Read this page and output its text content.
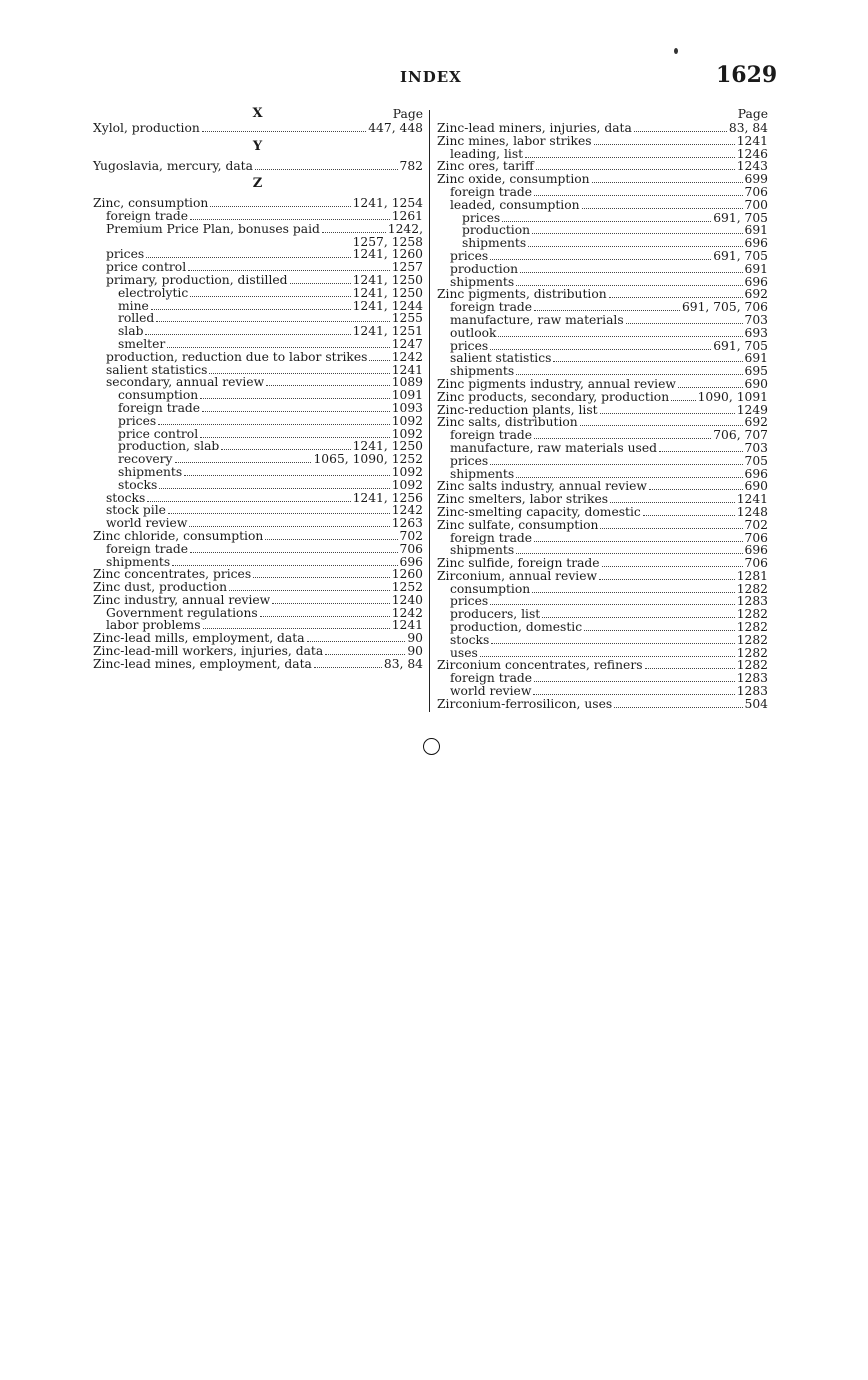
INDEX	1629
Page
X
Xylol, production	447, 448
Y
Yugoslavia, mercury, data	782
Z
Zinc, consumption	1241, 1254
foreign trade	1261
Premium Price Plan, bonuses paid	1242,
1257, 1258
prices	1241, 1260
price control	1257
primary, production, distilled	1241, 1250
electrolytic	1241, 1250
mine	1241, 1244
rolled	1255
slab	1241, 1251
smelter	1247
production, reduction due to labor strikes 1242
salient statistics	1241
secondary, annual review	1089
consumption	1091
foreign trade	1093
prices	1092
price control	1092
production, slab	1241, 1250
recovery	1065, 1090, 1252
shipments	1092
stocks	1092
stocks	1241, 1256
stock pile	1242
world review	1263
Zinc chloride, consumption	702
foreign trade	706
shipments	696
Zinc concentrates, prices	1260
Zinc dust, production	1252
Zinc industry, annual review	1240
Government regulations	1242
labor problems	1241
Zinc-lead mills, employment, data	90
Zinc-lead-mill workers, injuries, data	90
Zinc-lead mines, employment, data	83, 84
Page
Zinc-lead miners, injuries, data	83, 84
Zinc mines, labor strikes	1241
leading, list	1246
Zinc ores, tariff	1243
Zinc oxide, consumption	699
foreign trade	706
leaded, consumption	700
prices	691, 705
production	691
shipments	696
prices	691, 705
production	691
shipments	696
Zinc pigments, distribution	692
foreign trade	691, 705, 706
manufacture, raw materials	703
outlook	693
prices	691, 705
salient statistics	691
shipments	695
Zinc pigments industry, annual review	690
Zinc products, secondary, production 1090, 1091
Zinc-reduction plants, list	1249
Zinc salts, distribution	692
foreign trade	706, 707
manufacture, raw materials used	703
prices	705
shipments	696
Zinc salts industry, annual review	690
Zinc smelters, labor strikes	1241
Zinc-smelting capacity, domestic	1248
Zinc sulfate, consumption	702
foreign trade	706
shipments	696
Zinc sulfide, foreign trade	706
Zirconium, annual review	1281
consumption	1282
prices	1283
producers, list	1282
production, domestic	1282
stocks	1282
uses	1282
Zirconium concentrates, refiners	1282
foreign trade	1283
world review	1283
Zirconium-ferrosilicon, uses	504
